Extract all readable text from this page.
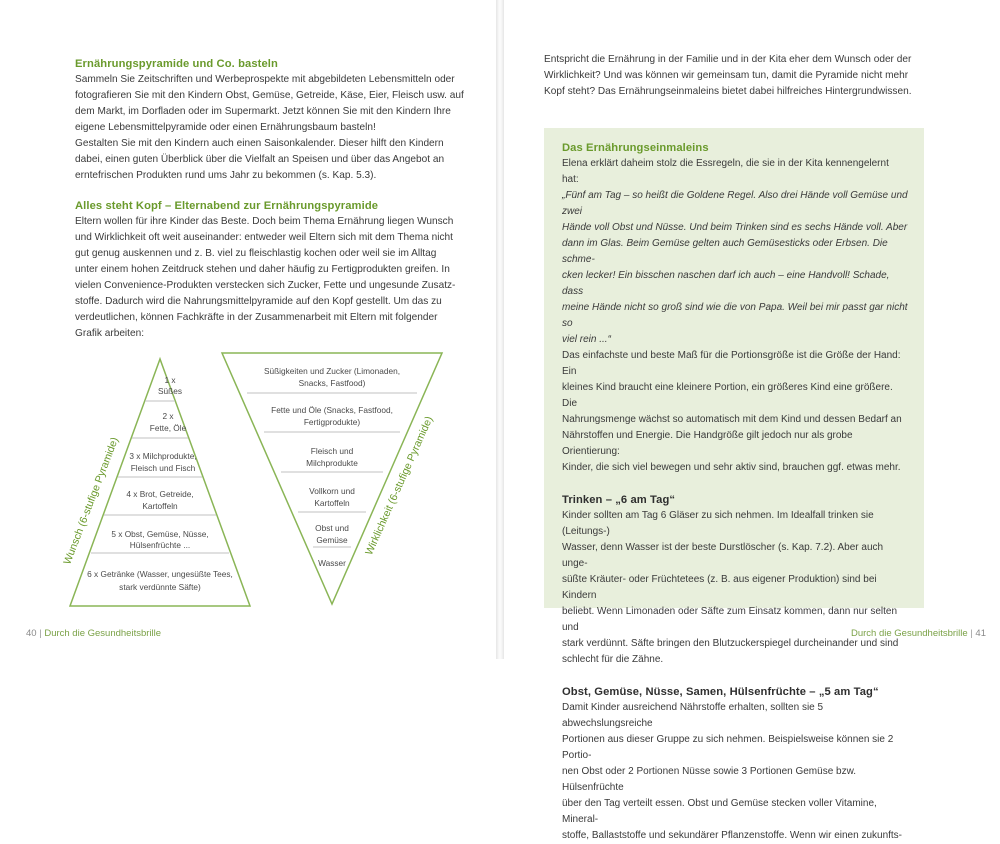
Ernährungspyramide und Co. basteln

Sammeln Sie Zeitschriften und Werbeprospekte mit abgebildeten Lebensmitteln oder

fotografieren Sie mit den Kindern Obst, Gemüse, Getreide, Käse, Eier, Fleisch usw. auf

dem Markt, im Dorfladen oder im Supermarkt. Jetzt können Sie mit den Kindern Ihre

eigene Lebensmittelpyramide oder einen Ernährungsbaum basteln!

Gestalten Sie mit den Kindern auch einen Saisonkalender. Dieser hilft den Kindern

dabei, einen guten Überblick über die Vielfalt an Speisen und über das Angebot an

erntefrischen Produkten rund ums Jahr zu bekommen (s. Kap. 5.3).

Alles steht Kopf – Elternabend zur Ernährungspyramide

Eltern wollen für ihre Kinder das Beste. Doch beim Thema Ernährung liegen Wunsch

und Wirklichkeit oft weit auseinander: entweder weil Eltern sich mit dem Thema nicht

gut genug auskennen und z. B. viel zu fleischlastig kochen oder weil sie im Alltag

unter einem hohen Zeitdruck stehen und daher häufig zu Fertigprodukten greifen. In

vielen Convenience-Produkten verstecken sich Zucker, Fette und ungesunde Zusatz-

stoffe. Dadurch wird die Nahrungsmittelpyramide auf den Kopf gestellt. Um das zu

verdeutlichen, können Fachkräfte in der Zusammenarbeit mit Eltern mit folgender

Grafik arbeiten:

1 x
Süßes
2 x
Fette, Öle
3 x Milchprodukte,
Fleisch und Fisch
4 x Brot, Getreide,
Kartoffeln
5 x Obst, Gemüse, Nüsse,
Hülsenfrüchte ...
6 x Getränke (Wasser, ungesüßte Tees,
stark verdünnte Säfte)
Süßigkeiten und Zucker (Limonaden,
Snacks, Fastfood)
Fette und Öle (Snacks, Fastfood,
Fertigprodukte)
Fleisch und
Milchprodukte
Vollkorn und
Kartoffeln
Obst und
Gemüse
Wasser
Wunsch (6-stufige Pyramide)	Wirklichkeit (6-stufige Pyramide)
40 | Durch die Gesundheitsbrille

Entspricht die Ernährung in der Familie und in der Kita eher dem Wunsch oder der

Wirklichkeit? Und was können wir gemeinsam tun, damit die Pyramide nicht mehr

Kopf steht? Das Ernährungseinmaleins bietet dabei hilfreiches Hintergrundwissen.

Das Ernährungseinmaleins

Elena erklärt daheim stolz die Essregeln, die sie in der Kita kennengelernt hat:

„Fünf am Tag – so heißt die Goldene Regel. Also drei Hände voll Gemüse und zwei

Hände voll Obst und Nüsse. Und beim Trinken sind es sechs Hände voll. Aber

dann im Glas. Beim Gemüse gelten auch Gemüsesticks oder Erbsen. Die schme-

cken lecker! Ein bisschen naschen darf ich auch – eine Handvoll! Schade, dass

meine Hände nicht so groß sind wie die von Papa. Weil bei mir passt gar nicht so

viel rein ...“

Das einfachste und beste Maß für die Portionsgröße ist die Größe der Hand: Ein

kleines Kind braucht eine kleinere Portion, ein größeres Kind eine größere. Die

Nahrungsmenge wächst so automatisch mit dem Kind und dessen Bedarf an

Nährstoffen und Energie. Die Handgröße gilt jedoch nur als grobe Orientierung:

Kinder, die sich viel bewegen und sehr aktiv sind, brauchen ggf. etwas mehr.

Trinken – „6 am Tag“

Kinder sollten am Tag 6 Gläser zu sich nehmen. Im Idealfall trinken sie (Leitungs-)

Wasser, denn Wasser ist der beste Durstlöscher (s. Kap. 7.2). Aber auch unge-

süßte Kräuter- oder Früchtetees (z. B. aus eigener Produktion) sind bei Kindern

beliebt. Wenn Limonaden oder Säfte zum Einsatz kommen, dann nur selten und

stark verdünnt. Säfte bringen den Blutzuckerspiegel durcheinander und sind

schlecht für die Zähne.

Obst, Gemüse, Nüsse, Samen, Hülsenfrüchte – „5 am Tag“

Damit Kinder ausreichend Nährstoffe erhalten, sollten sie 5 abwechslungsreiche

Portionen aus dieser Gruppe zu sich nehmen. Beispielsweise können sie 2 Portio-

nen Obst oder 2 Portionen Nüsse sowie 3 Portionen Gemüse bzw. Hülsenfrüchte

über den Tag verteilt essen. Obst und Gemüse stecken voller Vitamine, Mineral-

stoffe, Ballaststoffe und sekundärer Pflanzenstoffe. Wenn wir einen zukunfts-

Durch die Gesundheitsbrille | 41
